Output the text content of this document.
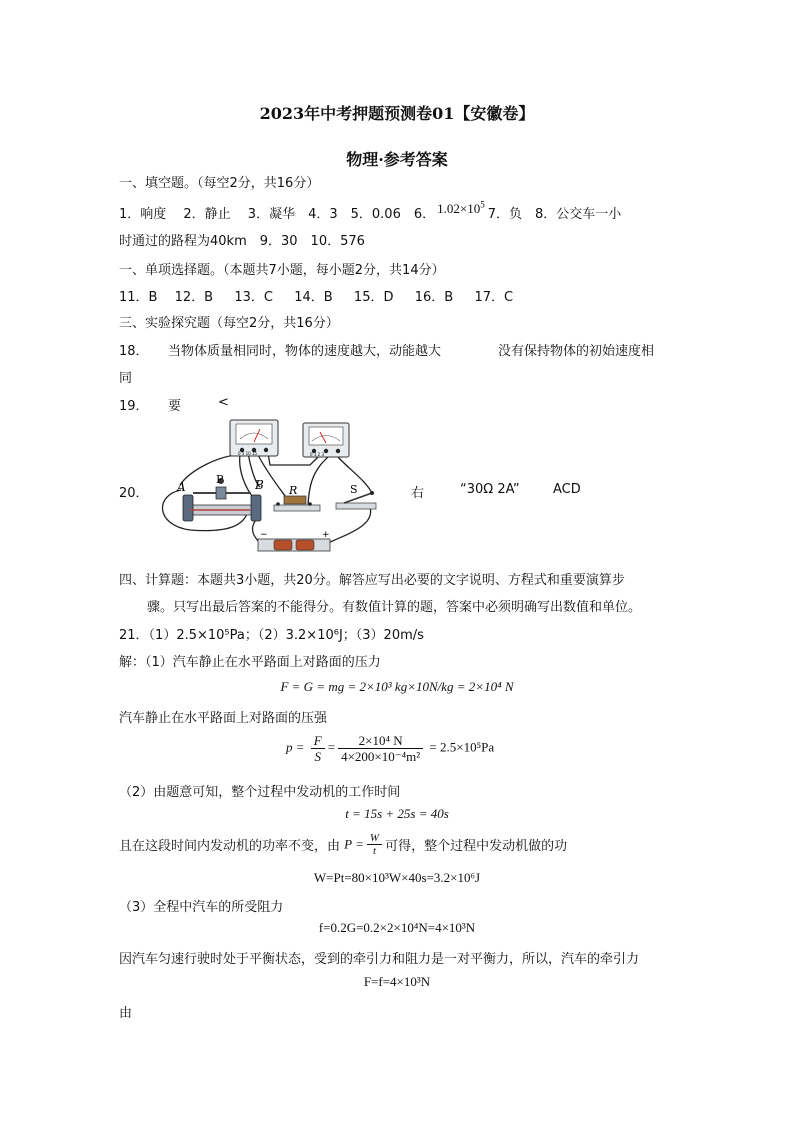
2023年中考押题预测卷01【安徽卷】
物理·参考答案
一、填空题。（每空2分，共16分）
1．响度　 2．静止　 3．凝华　4．3　5．0.06　6． $1.02\times 10^57$．负　8．公交车一小
时通过的路程为40km　9．30　10．576
一、单项选择题。（本题共7小题，每小题2分，共14分）
11．B　 12．B　  13．C　  14．B　  15．D　  16．B　  17．C
三、实验探究题（每空2分，共16分）
18． 当物体质量相同时，物体的速度越大，动能越大	没有保持物体的初始速度相
同
19． 要	<
20．	右	“30Ω 2A”	ACD
0 5 10 15	0 1 2 3
A
P	B R	S
−	+
四、计算题：本题共3小题，共20分。解答应写出必要的文字说明、方程式和重要演算步
骤。只写出最后答案的不能得分。有数值计算的题，答案中必须明确写出数值和单位。
21．（1）2.5×10⁵Pa；（2）3.2×10⁶J；（3）20m/s
解：（1）汽车静止在水平路面上对路面的压力
F = G = mg = 2×10³ kg×10N/kg = 2×10⁴ N
汽车静止在水平路面上对路面的压强
$p = \frac{F}{S} = \frac{\text{2×10⁴ N}}{\text{4×200×10⁻⁴m²}} = 2.5\times 10^5Pa$
（2）由题意可知，整个过程中发动机的工作时间
t = 15s + 25s = 40s
且在这段时间内发动机的功率不变，由 $P = \frac{W}{t}$ 可得，整个过程中发动机做的功
W=Pt=80×10³W×40s=3.2×10⁶J
（3）全程中汽车的所受阻力
f=0.2G=0.2×2×10⁴N=4×10³N
因汽车匀速行驶时处于平衡状态，受到的牵引力和阻力是一对平衡力，所以，汽车的牵引力
F=f=4×10³N
由
